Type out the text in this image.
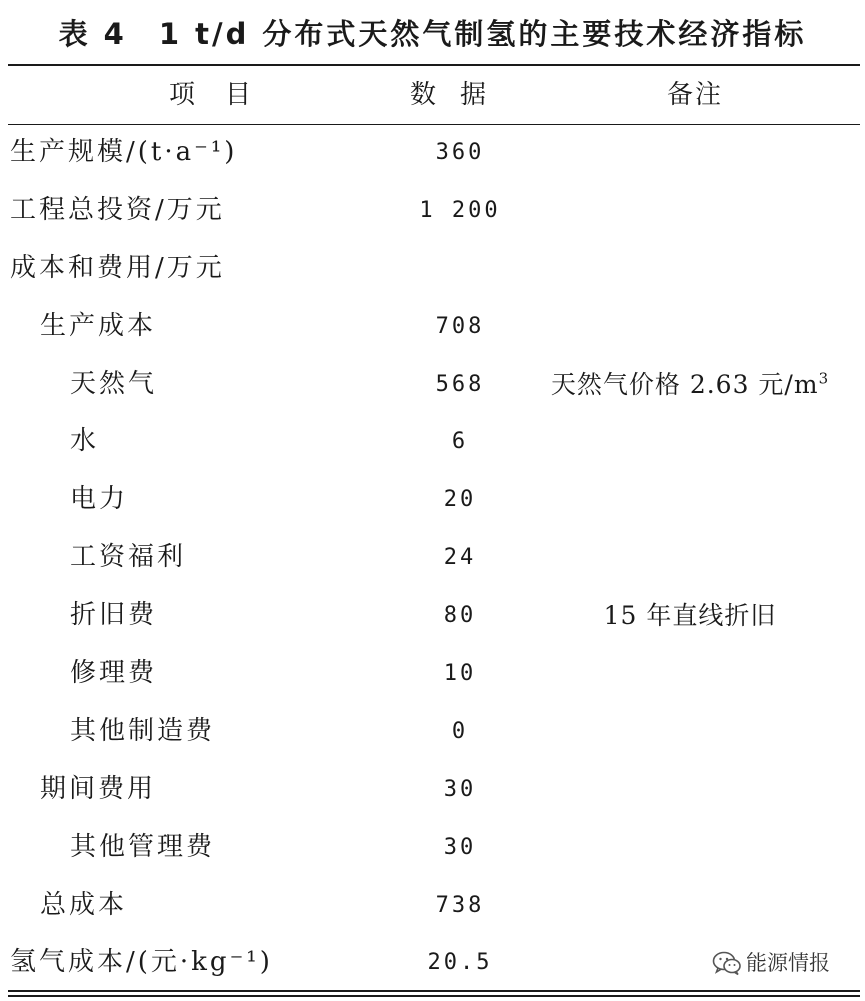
表 4　1 t/d 分布式天然气制氢的主要技术经济指标
项目	数据	备注
生产规模/(t·a⁻¹)	360
工程总投资/万元	1 200
成本和费用/万元
生产成本	708
天然气	568	天然气价格 2.63 元$/m^3$
水	6
电力	20
工资福利	24
折旧费	80	15 年直线折旧
修理费	10
其他制造费	0
期间费用	30
其他管理费	30
总成本	738
氢气成本/(元·kg⁻¹)	20.5	能源情报
